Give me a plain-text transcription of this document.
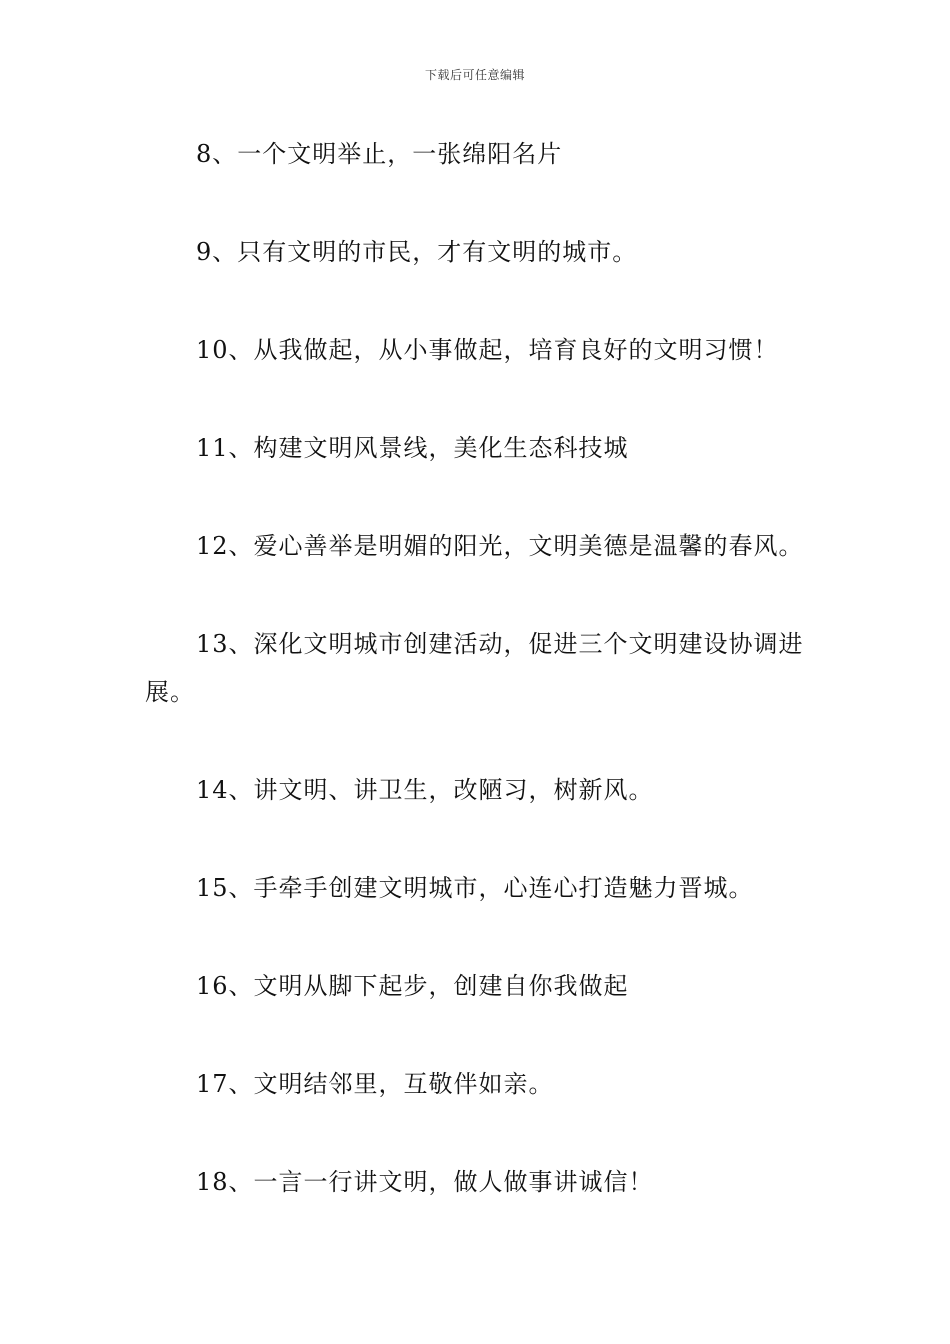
下载后可任意编辑

8、一个文明举止，一张绵阳名片

9、只有文明的市民，才有文明的城市。

10、从我做起，从小事做起，培育良好的文明习惯！

11、构建文明风景线，美化生态科技城

12、爱心善举是明媚的阳光，文明美德是温馨的春风。

13、深化文明城市创建活动，促进三个文明建设协调进展。

14、讲文明、讲卫生，改陋习，树新风。

15、手牵手创建文明城市，心连心打造魅力晋城。

16、文明从脚下起步，创建自你我做起

17、文明结邻里，互敬伴如亲。

18、一言一行讲文明，做人做事讲诚信！
